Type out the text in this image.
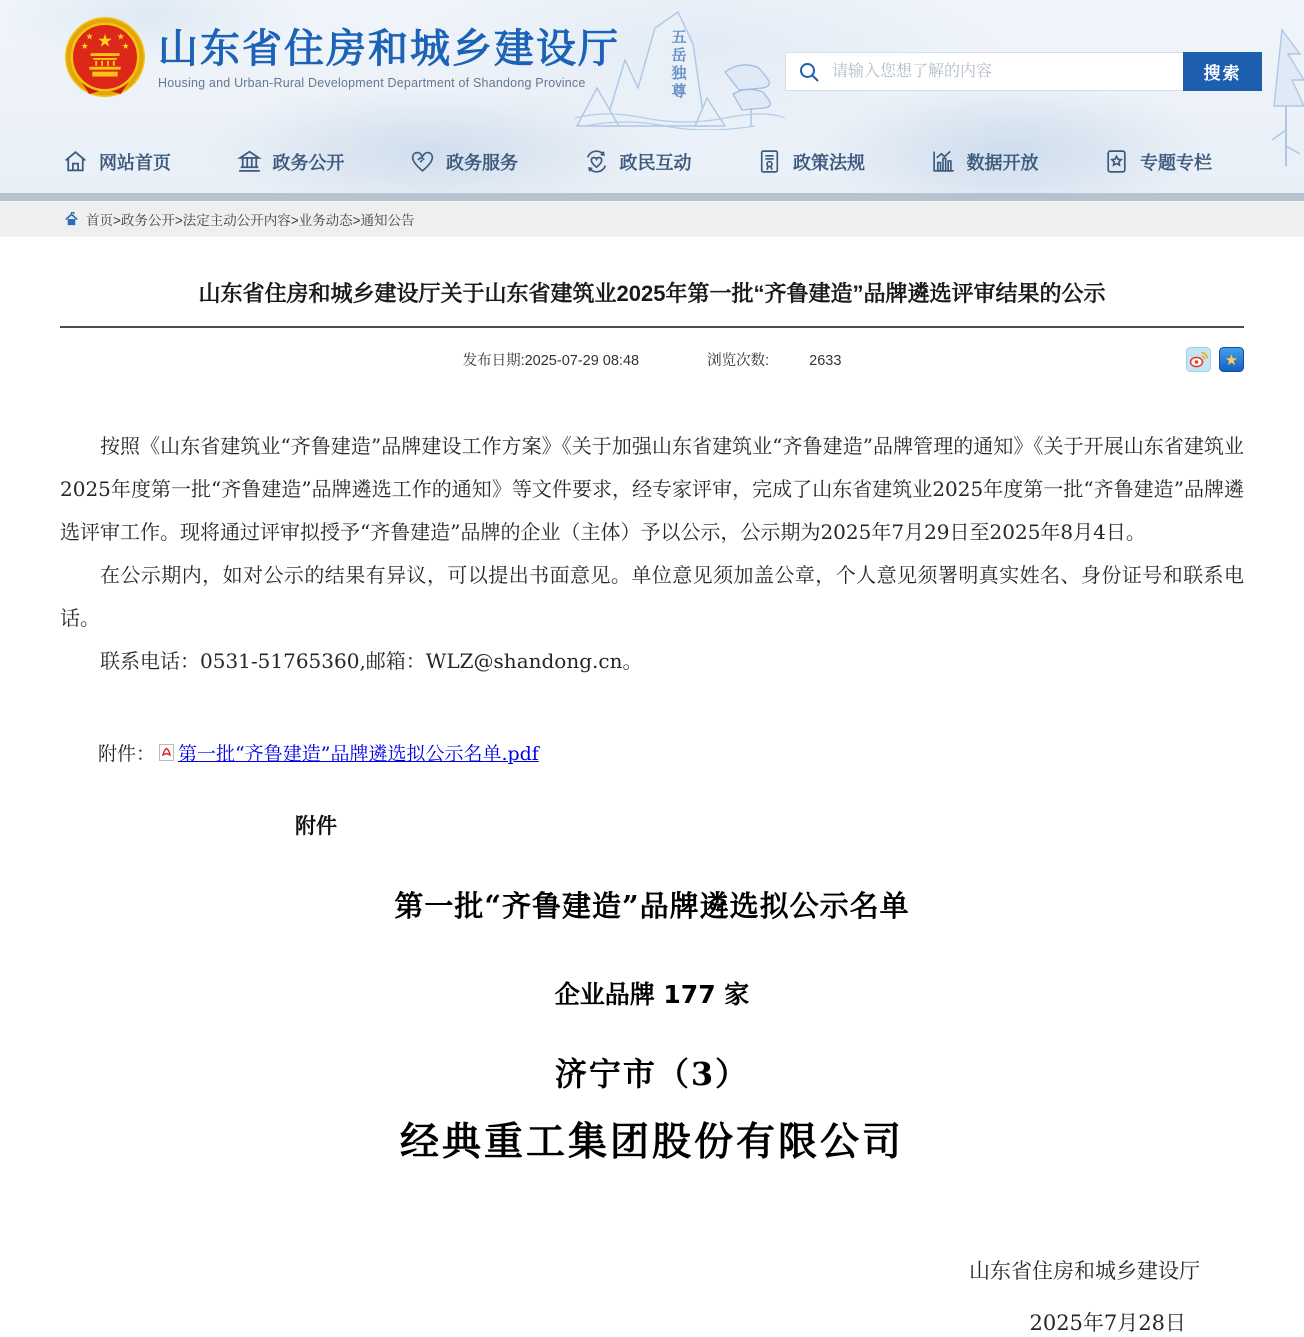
五岳独尊
★
★	★
★	★ 山东省住房和城乡建设厅
Housing and Urban-Rural Development Department of Shandong Province
请输入您想了解的内容	搜索
网站首页	政务公开	政务服务	政民互动	政策法规	数据开放	专题专栏
首页>政务公开>法定主动公开内容>业务动态>通知公告
山东省住房和城乡建设厅关于山东省建筑业2025年第一批“齐鲁建造”品牌遴选评审结果的公示
发布日期:2025-07-29 08:48	浏览次数:	2633	★

按照《山东省建筑业“齐鲁建造”品牌建设工作方案》《关于加强山东省建筑业“齐鲁建造”品牌管理的通知》《关于开展山东省建筑业2025年度第一批“齐鲁建造”品牌遴选工作的通知》等文件要求，经专家评审，完成了山东省建筑业2025年度第一批“齐鲁建造”品牌遴选评审工作。现将通过评审拟授予“齐鲁建造”品牌的企业（主体）予以公示，公示期为2025年7月29日至2025年8月4日。

在公示期内，如对公示的结果有异议，可以提出书面意见。单位意见须加盖公章，个人意见须署明真实姓名、身份证号和联系电话。

联系电话：0531-51765360,邮箱：WLZ@shandong.cn。

附件： 第一批“齐鲁建造”品牌遴选拟公示名单.pdf
附件
第一批“齐鲁建造”品牌遴选拟公示名单
企业品牌 177 家
济宁市（3）
经典重工集团股份有限公司
山东省住房和城乡建设厅
2025年7月28日
